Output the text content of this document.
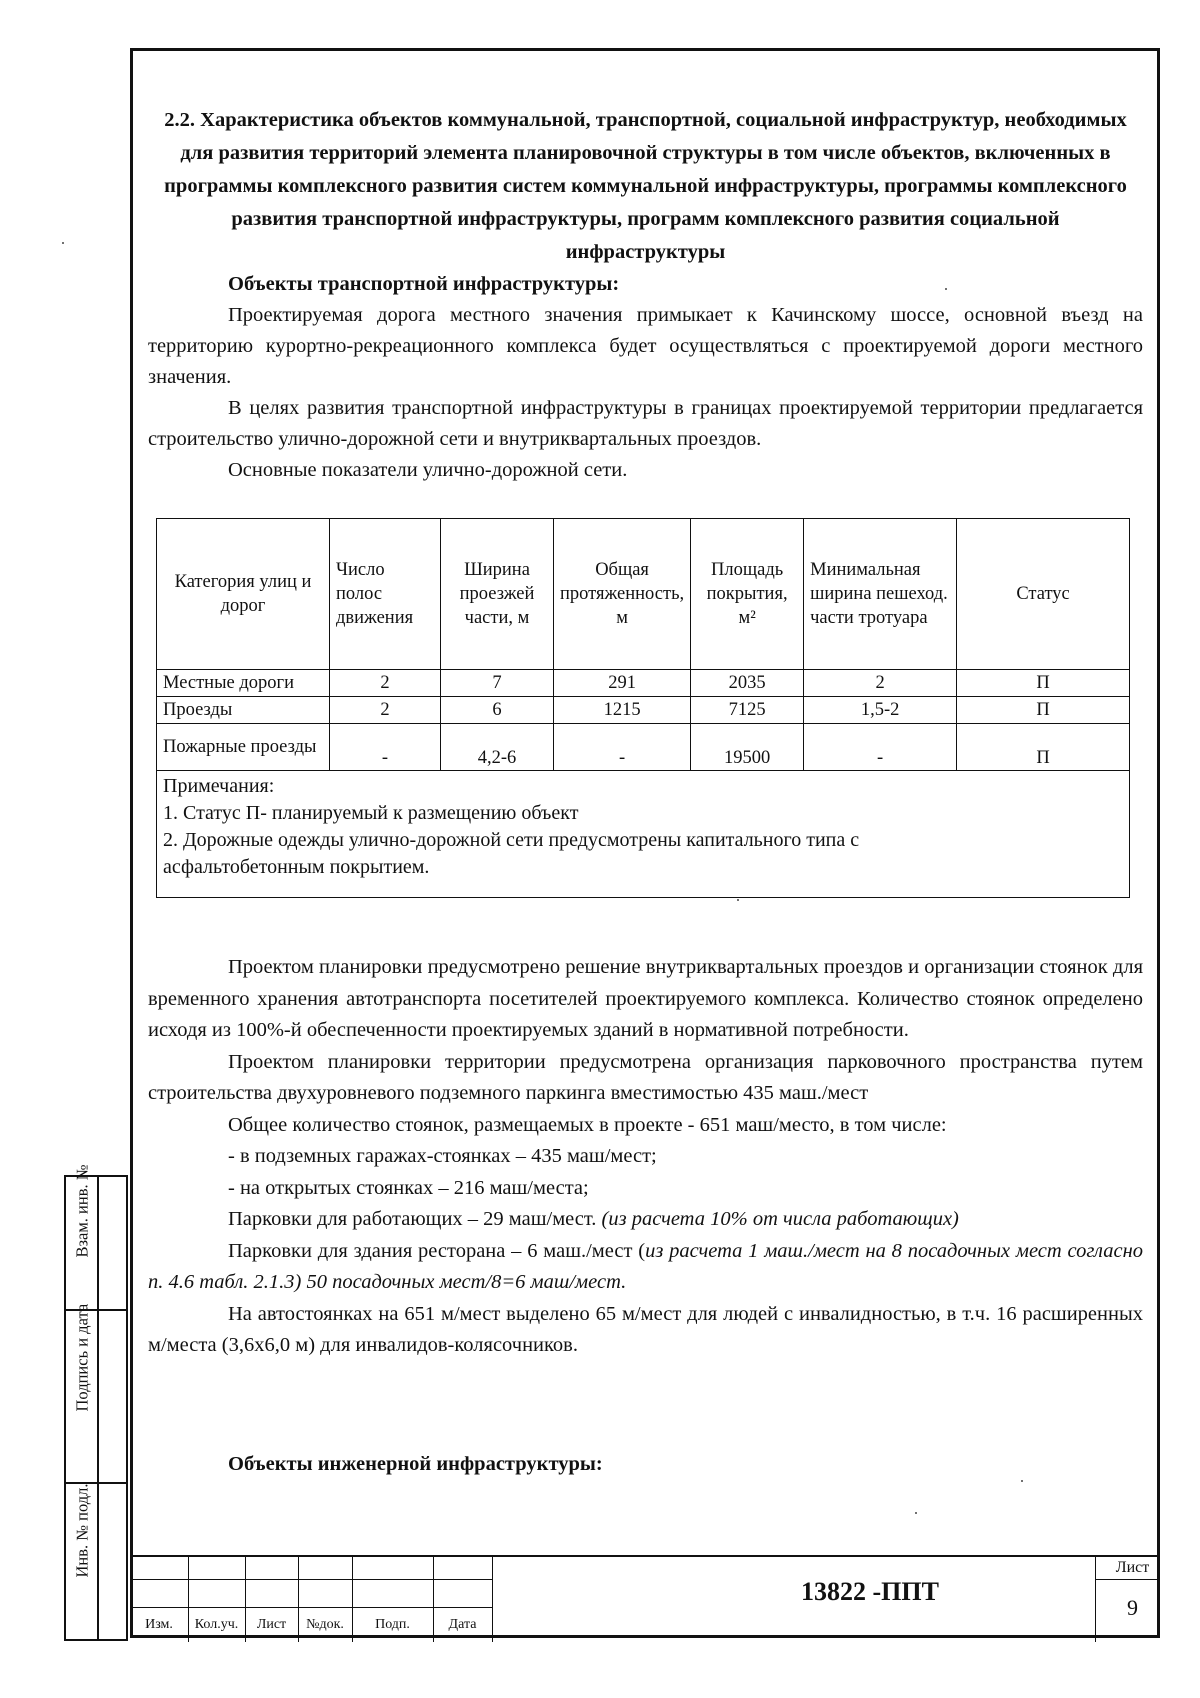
2.2. Характеристика объектов коммунальной, транспортной, социальной инфраструктур, необходимых для развития территорий элемента планировочной структуры в том числе объектов, включенных в программы комплексного развития систем коммунальной инфраструктуры, программы комплексного развития транспортной инфраструктуры, программ комплексного развития социальной инфраструктуры

Объекты транспортной инфраструктуры:

Проектируемая дорога местного значения примыкает к Качинскому шоссе, основной въезд на территорию курортно-рекреационного комплекса будет осуществляться с проектируемой дороги местного значения.

В целях развития транспортной инфраструктуры в границах проектируемой территории предлагается строительство улично-дорожной сети и внутриквартальных проездов.

Основные показатели улично-дорожной сети.

Категория улиц и дорог	Число полос движения	Ширина проезжей части, м	Общая протяженность, м	Площадь покрытия, м²	Минимальная ширина пешеход. части тротуара	Статус
Местные дороги	2	7	291	2035	2	П
Проезды	2	6	1215	7125	1,5-2	П
Пожарные проезды	-	4,2-6	-	19500	-	П

Примечания:
1. Статус П- планируемый к размещению объект
2. Дорожные одежды улично-дорожной сети предусмотрены капитального типа с асфальтобетонным покрытием.						

Проектом планировки предусмотрено решение внутриквартальных проездов и организации стоянок для временного хранения автотранспорта посетителей проектируемого комплекса. Количество стоянок определено исходя из 100%-й обеспеченности проектируемых зданий в нормативной потребности.

Проектом планировки территории предусмотрена организация парковочного пространства путем строительства двухуровневого подземного паркинга вместимостью 435 маш./мест

Общее количество стоянок, размещаемых в проекте - 651 маш/место, в том числе:

- в подземных гаражах-стоянках – 435 маш/мест;

- на открытых стоянках – 216 маш/места;

Парковки для работающих – 29 маш/мест. (из расчета 10% от числа работающих)

Парковки для здания ресторана – 6 маш./мест (из расчета 1 маш./мест на 8 посадочных мест согласно п. 4.6 табл. 2.1.3) 50 посадочных мест/8=6 маш/мест.

На автостоянках на 651 м/мест выделено 65 м/мест для людей с инвалидностью, в т.ч. 16 расширенных м/места (3,6х6,0 м) для инвалидов-колясочников.

Объекты инженерной инфраструктуры:
Взам. инв. №
Подпись и дата
Инв. № подл.
Изм.	Кол.уч.	Лист	№док.	Подп.	Дата
13822 -ППТ
Лист
9
